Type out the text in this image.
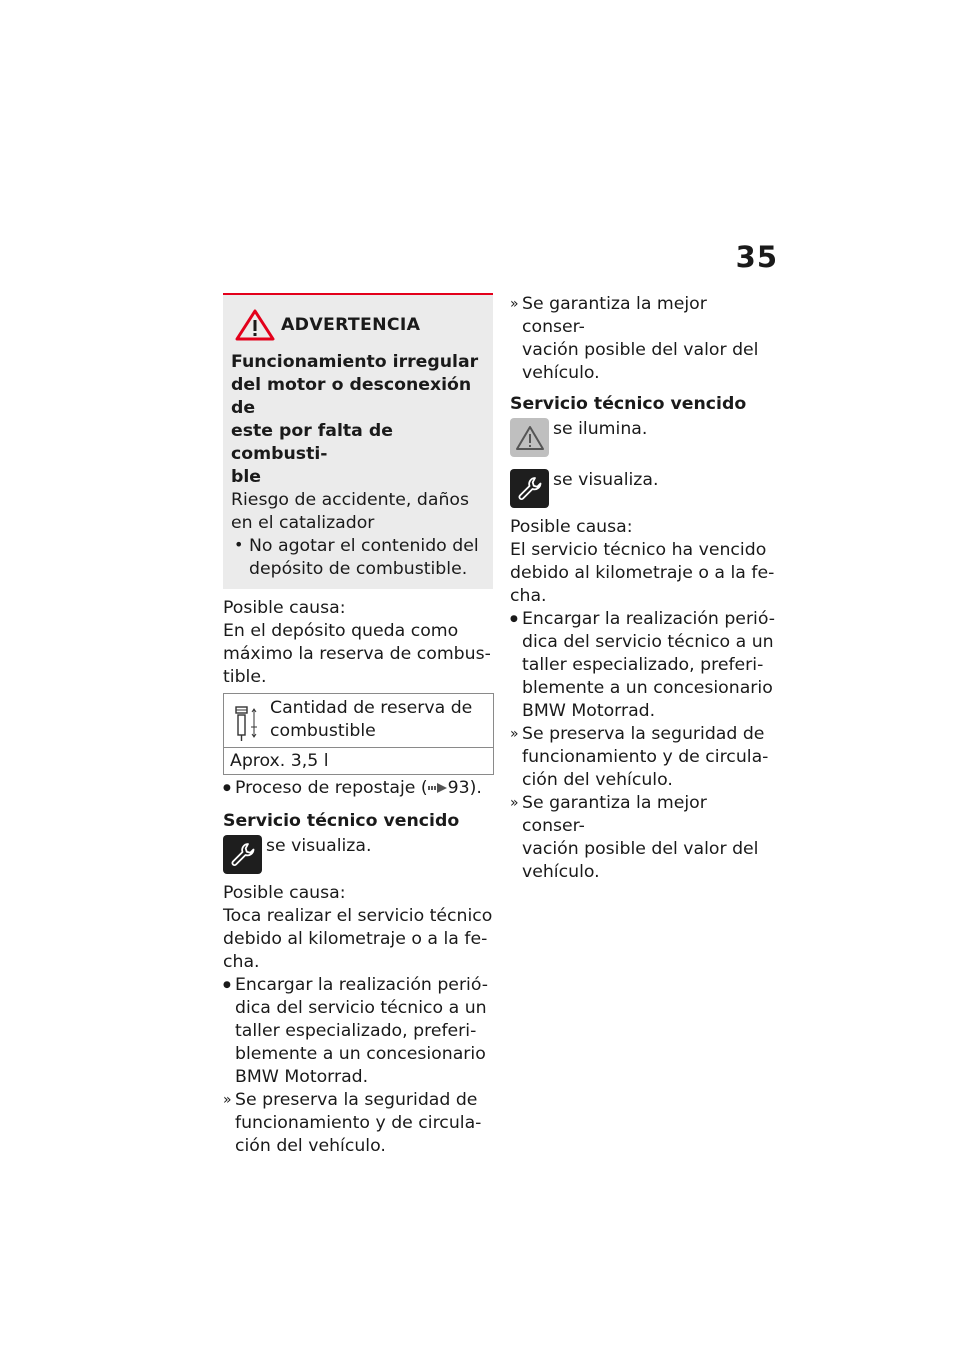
35
ADVERTENCIA

Funcionamiento irregular

del motor o desconexión de

este por falta de combusti-

ble

Riesgo de accidente, daños

en el catalizador

• No agotar el contenido del

depósito de combustible.

Posible causa:

En el depósito queda como

máximo la reserva de combus-

tible.

Cantidad de reserva de

combustible

Aprox. 3,5 l

● Proceso de repostaje ( 93).

Servicio técnico vencido

se visualiza.

Posible causa:

Toca realizar el servicio técnico

debido al kilometraje o a la fe-

cha.

● Encargar la realización perió-

dica del servicio técnico a un

taller especializado, preferi-

blemente a un concesionario

BMW Motorrad.

» Se preserva la seguridad de

funcionamiento y de circula-

ción del vehículo.

» Se garantiza la mejor conser-

vación posible del valor del

vehículo.

Servicio técnico vencido

se ilumina.

se visualiza.

Posible causa:

El servicio técnico ha vencido

debido al kilometraje o a la fe-

cha.

● Encargar la realización perió-

dica del servicio técnico a un

taller especializado, preferi-

blemente a un concesionario

BMW Motorrad.

» Se preserva la seguridad de

funcionamiento y de circula-

ción del vehículo.

» Se garantiza la mejor conser-

vación posible del valor del

vehículo.
